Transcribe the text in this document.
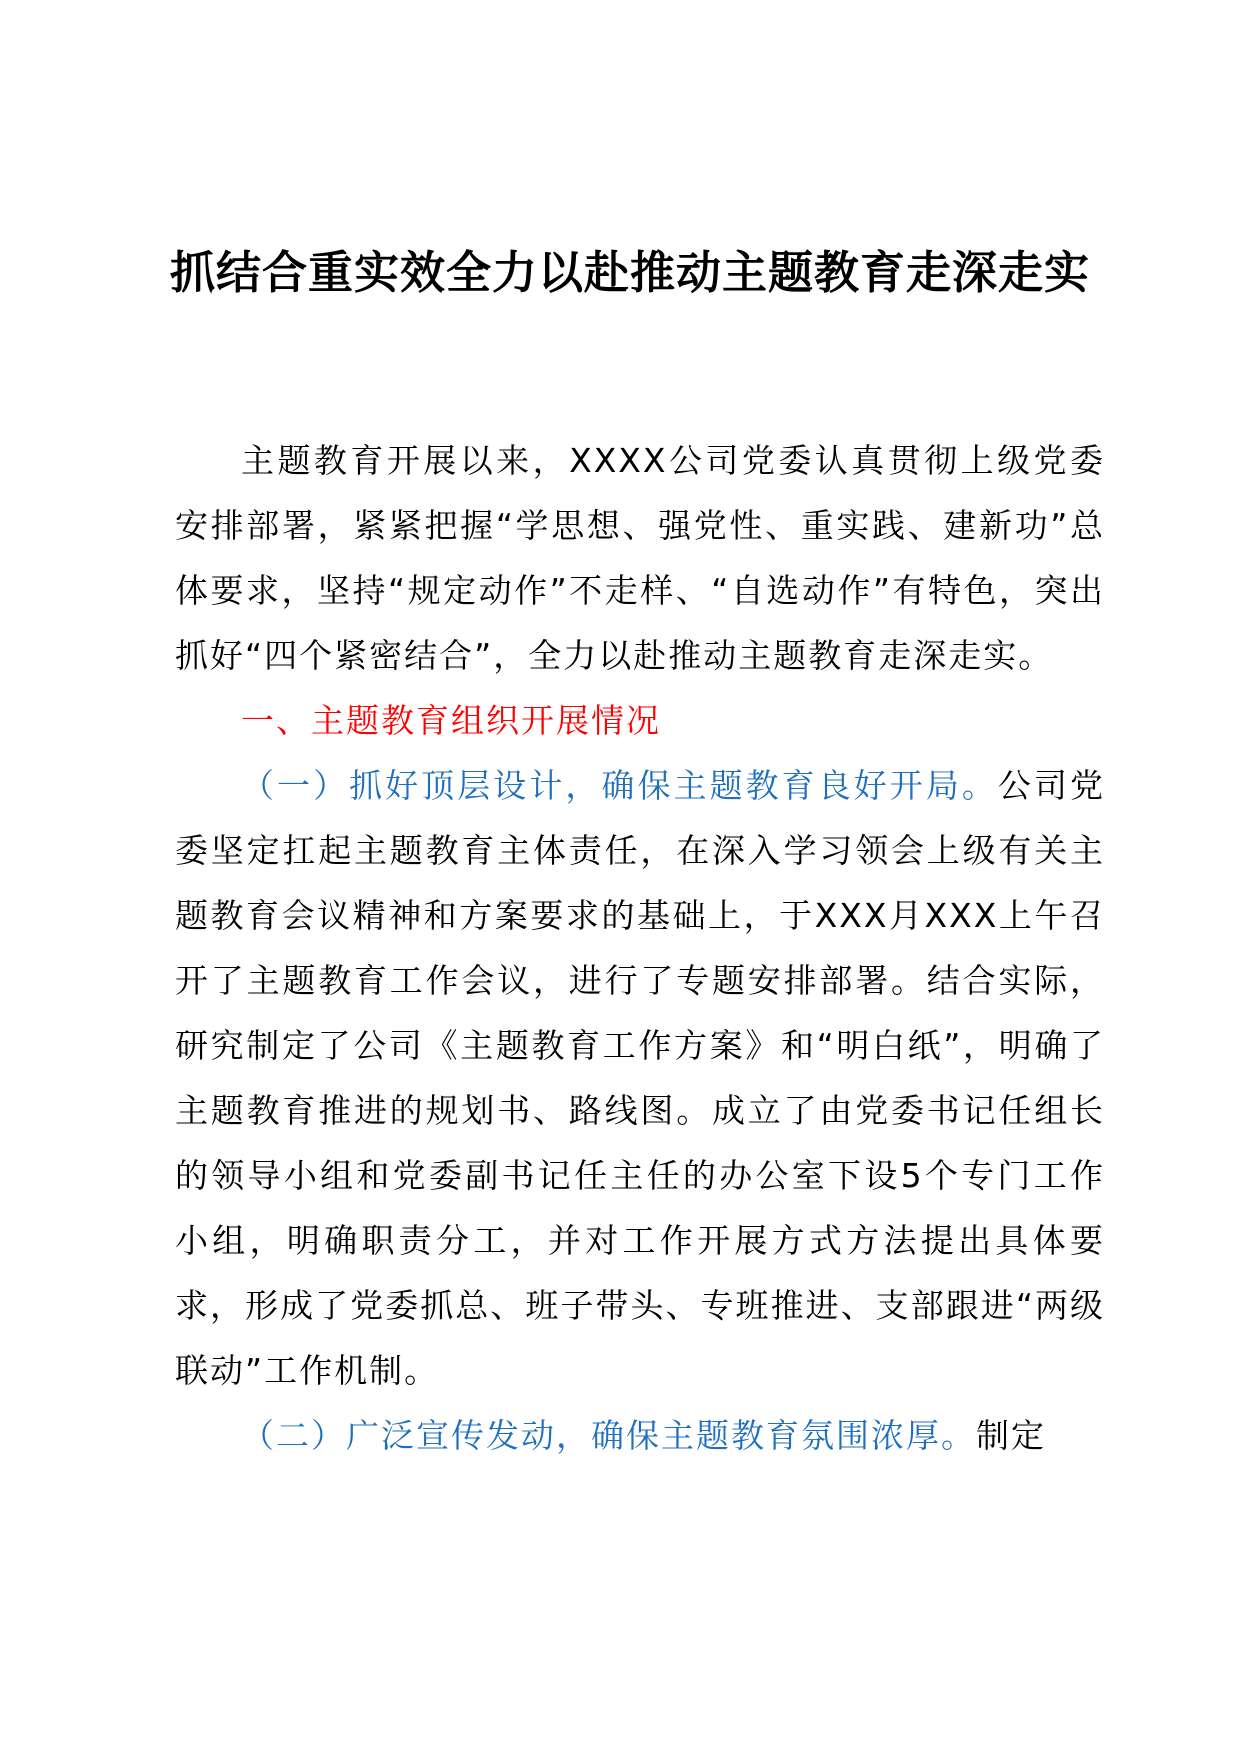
抓结合重实效全力以赴推动主题教育走深走实

主题教育开展以来，XXXX公司党委认真贯彻上级党委安排部署，紧紧把握“学思想、强党性、重实践、建新功”总体要求，坚持“规定动作”不走样、“自选动作”有特色，突出抓好“四个紧密结合”，全力以赴推动主题教育走深走实。

一、主题教育组织开展情况

（一）抓好顶层设计，确保主题教育良好开局。公司党委坚定扛起主题教育主体责任，在深入学习领会上级有关主题教育会议精神和方案要求的基础上，于XXX月XXX上午召开了主题教育工作会议，进行了专题安排部署。结合实际，研究制定了公司《主题教育工作方案》和“明白纸”，明确了主题教育推进的规划书、路线图。成立了由党委书记任组长的领导小组和党委副书记任主任的办公室下设5个专门工作小组，明确职责分工，并对工作开展方式方法提出具体要求，形成了党委抓总、班子带头、专班推进、支部跟进“两级联动”工作机制。

（二）广泛宣传发动，确保主题教育氛围浓厚。制定
